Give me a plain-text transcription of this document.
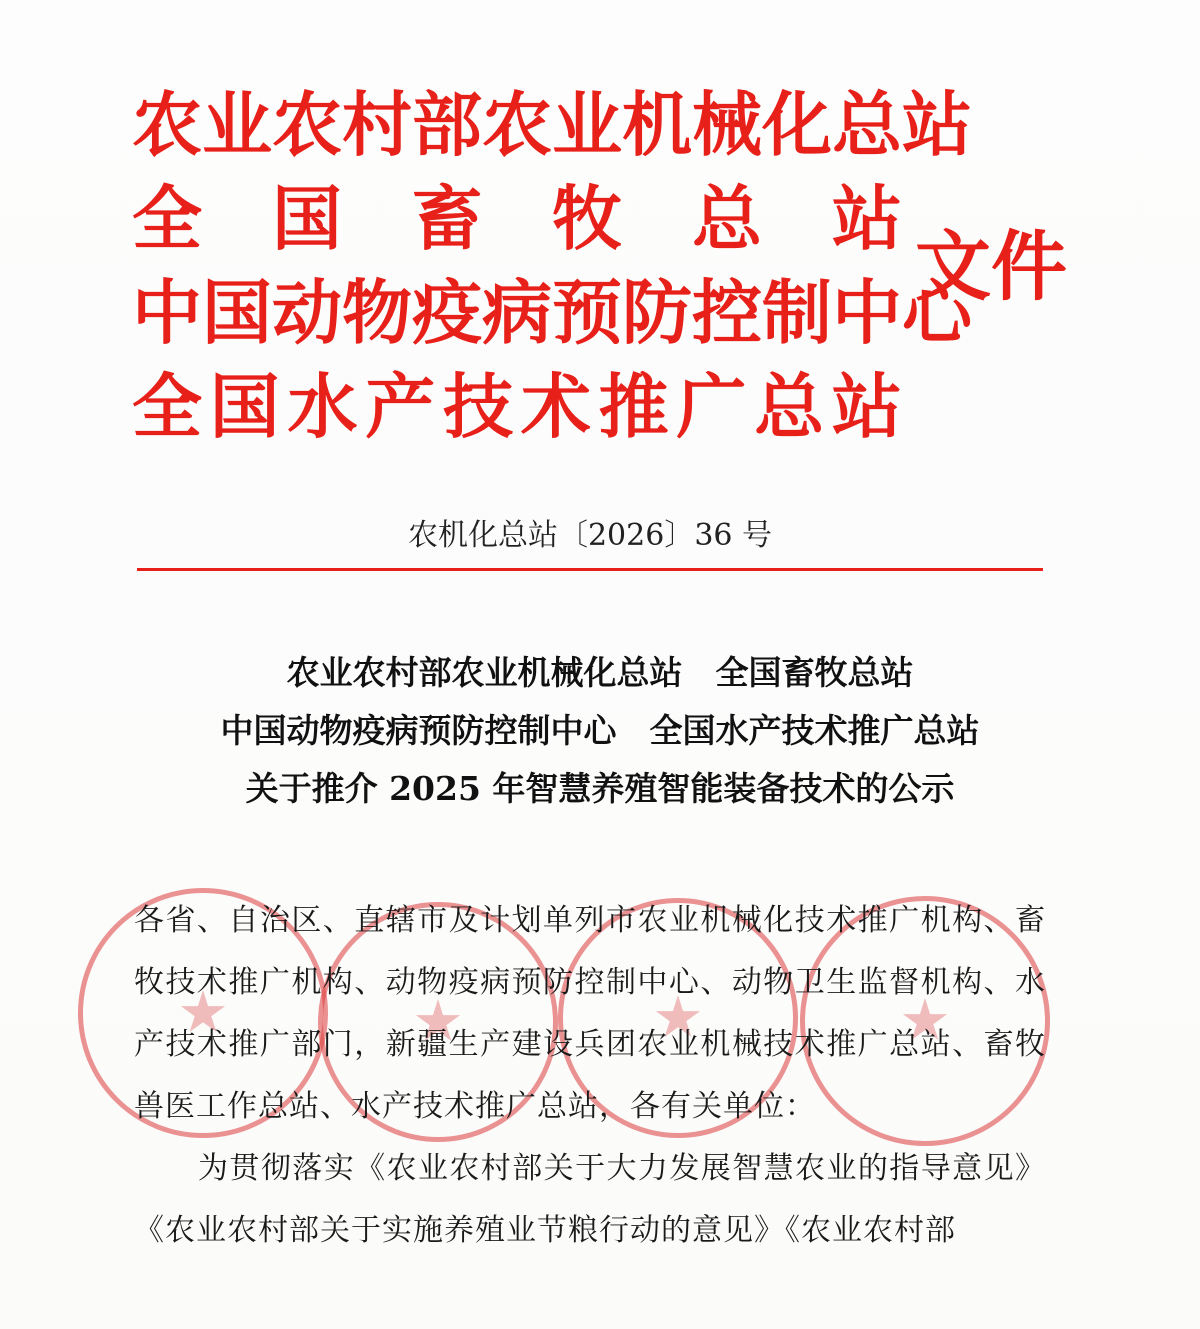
农业农村部农业机械化总站
全 国 畜 牧 总 站
中国动物疫病预防控制中心
全 国 水 产 技 术 推 广 总 站
文件
农机化总站〔2026〕36 号
农业农村部农业机械化总站　全国畜牧总站
中国动物疫病预防控制中心　全国水产技术推广总站
关于推介 2025 年智慧养殖智能装备技术的公示

各省、自治区、直辖市及计划单列市农业机械化技术推广机构、畜牧技术推广机构、动物疫病预防控制中心、动物卫生监督机构、水产技术推广部门，新疆生产建设兵团农业机械技术推广总站、畜牧兽医工作总站、水产技术推广总站，各有关单位：

为贯彻落实《农业农村部关于大力发展智慧农业的指导意见》《农业农村部关于实施养殖业节粮行动的意见》《农业农村部
